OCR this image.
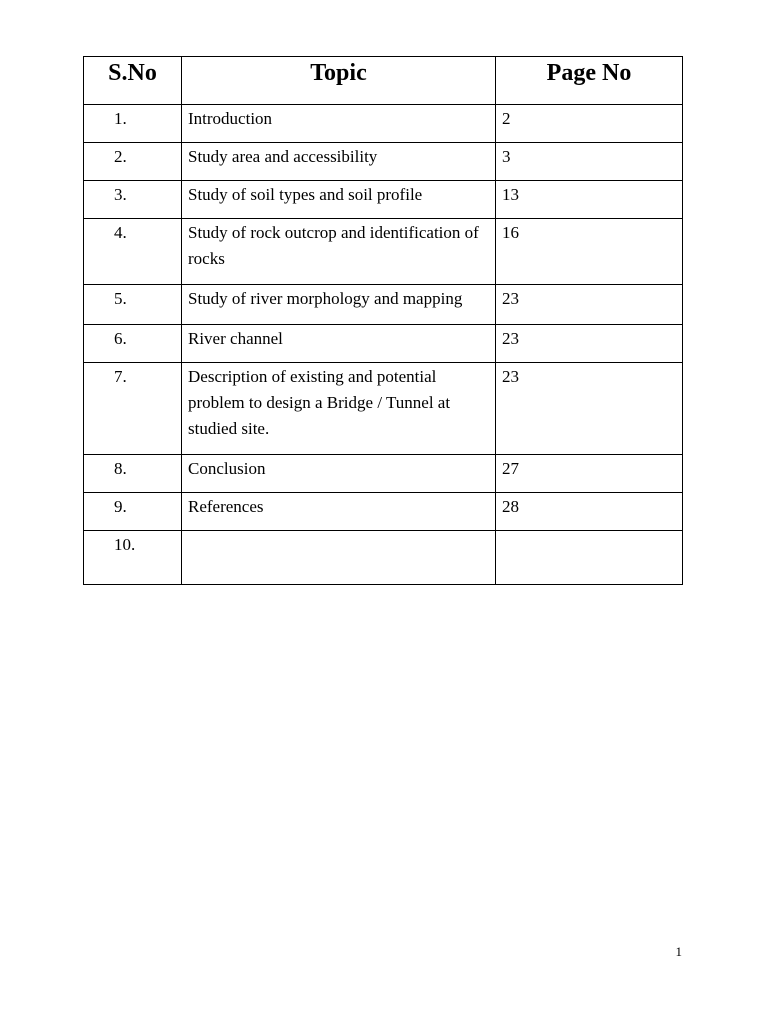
S.No	Topic	Page No
1.	Introduction	2
2.	Study area and accessibility	3
3.	Study of soil types and soil profile	13
4.	Study of rock outcrop and identification of rocks	16
5.	Study of river morphology and mapping	23
6.	River channel	23
7.	Description of existing and potential problem to design a Bridge / Tunnel at studied site.	23
8.	Conclusion	27
9.	References	28
10.		
1
